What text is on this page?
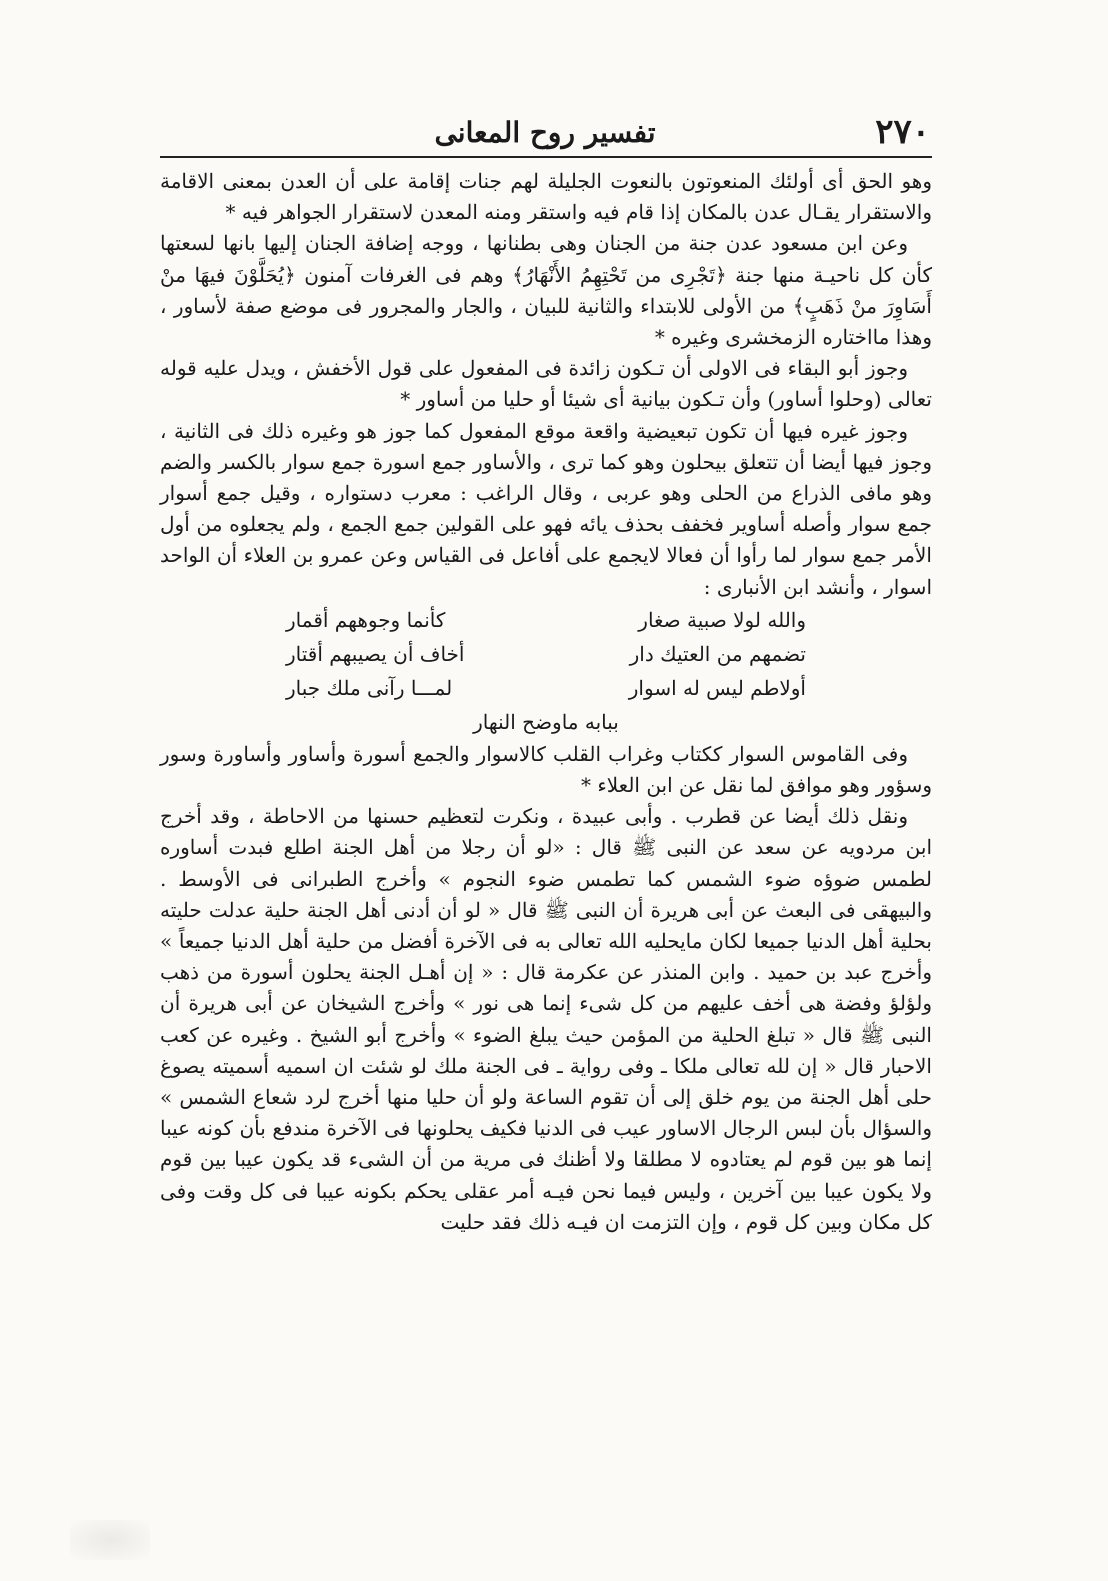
٢٧٠
تفسير روح المعانى

وهو الحق أى أولئك المنعوتون بالنعوت الجليلة لهم جنات إقامة على أن العدن بمعنى الاقامة والاستقرار يقـال عدن بالمكان إذا قام فيه واستقر ومنه المعدن لاستقرار الجواهر فيه *

وعن ابن مسعود عدن جنة من الجنان وهى بطنانها ، ووجه إضافة الجنان إليها بانها لسعتها كأن كل ناحيـة منها جنة ﴿تَجْرِى من تَحْتِهِمُ الأَنْهَارُ﴾ وهم فى الغرفات آمنون ﴿يُحَلَّوْنَ فيهَا منْ أَسَاوِرَ منْ ذَهَبٍ﴾ من الأولى للابتداء والثانية للبيان ، والجار والمجرور فى موضع صفة لأساور ، وهذا مااختاره الزمخشرى وغيره *

وجوز أبو البقاء فى الاولى أن تـكون زائدة فى المفعول على قول الأخفش ، ويدل عليه قوله تعالى (وحلوا أساور) وأن تـكون بيانية أى شيئا أو حليا من أساور *

وجوز غيره فيها أن تكون تبعيضية واقعة موقع المفعول كما جوز هو وغيره ذلك فى الثانية ، وجوز فيها أيضا أن تتعلق بيحلون وهو كما ترى ، والأساور جمع اسورة جمع سوار بالكسر والضم وهو مافى الذراع من الحلى وهو عربى ، وقال الراغب : معرب دستواره ، وقيل جمع أسوار جمع سوار وأصله أساوير فخفف بحذف يائه فهو على القولين جمع الجمع ، ولم يجعلوه من أول الأمر جمع سوار لما رأوا أن فعالا لايجمع على أفاعل فى القياس وعن عمرو بن العلاء أن الواحد اسوار ، وأنشد ابن الأنبارى :

والله لولا صبية صغار
كأنما وجوههم أقمار
تضمهم من العتيك دار
أخاف أن يصيبهم أقتار
أولاطم ليس له اسوار
لمـــا رآنى ملك جبار
ببابه ماوضح النهار

وفى القاموس السوار ككتاب وغراب القلب كالاسوار والجمع أسورة وأساور وأساورة وسور وسؤور وهو موافق لما نقل عن ابن العلاء *

ونقل ذلك أيضا عن قطرب . وأبى عبيدة ، ونكرت لتعظيم حسنها من الاحاطة ، وقد أخرج ابن مردويه عن سعد عن النبى ﷺ قال : «لو أن رجلا من أهل الجنة اطلع فبدت أساوره لطمس ضوؤه ضوء الشمس كما تطمس ضوء النجوم » وأخرج الطبرانى فى الأوسط . والبيهقى فى البعث عن أبى هريرة أن النبى ﷺ قال « لو أن أدنى أهل الجنة حلية عدلت حليته بحلية أهل الدنيا جميعا لكان مايحليه الله تعالى به فى الآخرة أفضل من حلية أهل الدنيا جميعاً » وأخرج عبد بن حميد . وابن المنذر عن عكرمة قال : « إن أهـل الجنة يحلون أسورة من ذهب ولؤلؤ وفضة هى أخف عليهم من كل شىء إنما هى نور » وأخرج الشيخان عن أبى هريرة أن النبى ﷺ قال « تبلغ الحلية من المؤمن حيث يبلغ الضوء » وأخرج أبو الشيخ . وغيره عن كعب الاحبار قال « إن لله تعالى ملكا ـ وفى رواية ـ فى الجنة ملك لو شئت ان اسميه أسميته يصوغ حلى أهل الجنة من يوم خلق إلى أن تقوم الساعة ولو أن حليا منها أخرج لرد شعاع الشمس » والسؤال بأن لبس الرجال الاساور عيب فى الدنيا فكيف يحلونها فى الآخرة مندفع بأن كونه عيبا إنما هو بين قوم لم يعتادوه لا مطلقا ولا أظنك فى مرية من أن الشىء قد يكون عيبا بين قوم ولا يكون عيبا بين آخرين ، وليس فيما نحن فيـه أمر عقلى يحكم بكونه عيبا فى كل وقت وفى كل مكان وبين كل قوم ، وإن التزمت ان فيـه ذلك فقد حليت
